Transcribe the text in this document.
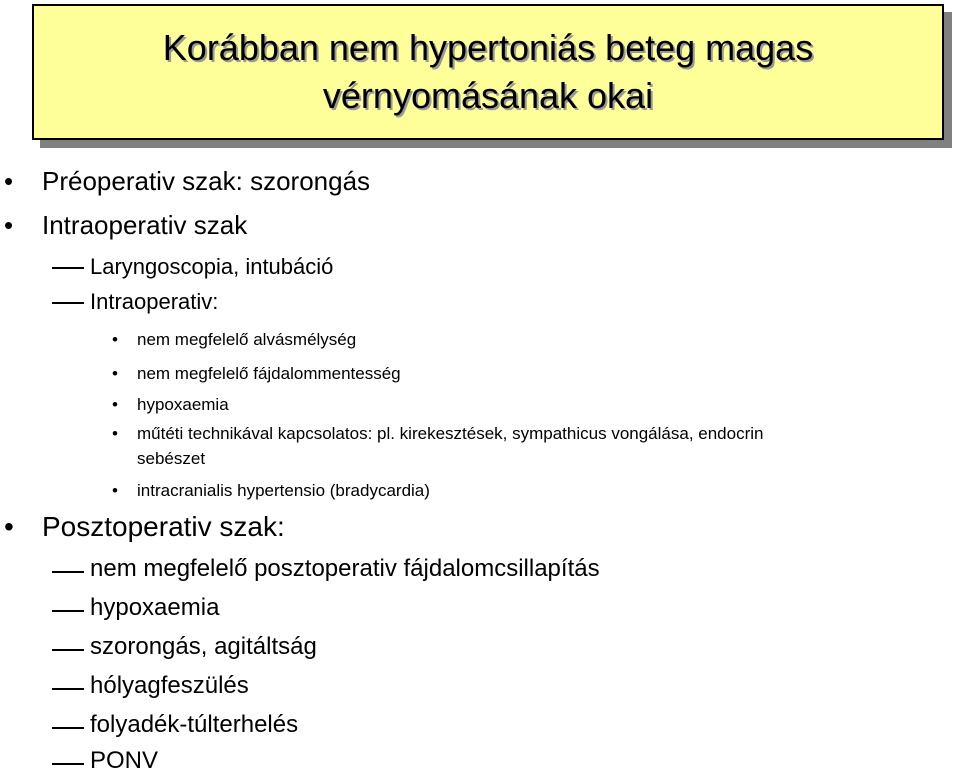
Korábban nem hypertoniás beteg magas
vérnyomásának okai
• Préoperativ szak: szorongás
• Intraoperativ szak
Laryngoscopia, intubáció
Intraoperativ:
• nem megfelelő alvásmélység
• nem megfelelő fájdalommentesség
• hypoxaemia
• műtéti technikával kapcsolatos: pl. kirekesztések, sympathicus vongálása, endocrin
sebészet
• intracranialis hypertensio (bradycardia)
• Posztoperativ szak:
nem megfelelő posztoperativ fájdalomcsillapítás
hypoxaemia
szorongás, agitáltság
hólyagfeszülés
folyadék-túlterhelés
PONV
